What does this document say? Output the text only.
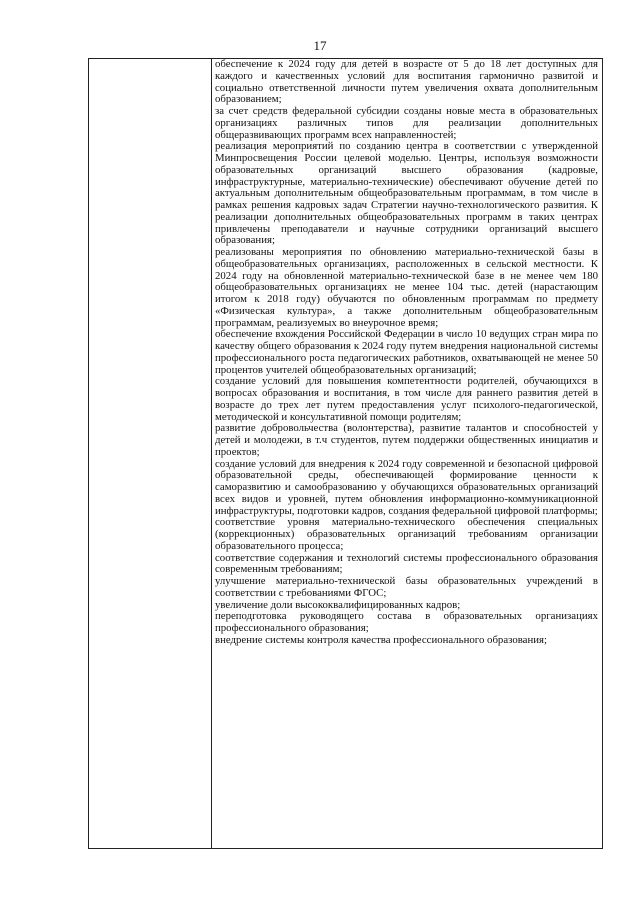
17

обеспечение к 2024 году для детей в возрасте от 5 до 18 лет доступных для каждого и качественных условий для воспитания гармонично развитой и социально ответственной личности путем увеличения охвата дополнительным образованием;

за счет средств федеральной субсидии созданы новые места в образовательных организациях различных типов для реализации дополнительных общеразвивающих программ всех направленностей;

реализация мероприятий по созданию центра в соответствии с утвержденной Минпросвещения России целевой моделью. Центры, используя возможности образовательных организаций высшего образования (кадровые, инфраструктурные, материально-технические) обеспечивают обучение детей по актуальным дополнительным общеобразовательным программам, в том числе в рамках решения кадровых задач Стратегии научно-технологического развития. К реализации дополнительных общеобразовательных программ в таких центрах привлечены преподаватели и научные сотрудники организаций высшего образования;

реализованы мероприятия по обновлению материально-технической базы в общеобразовательных организациях, расположенных в сельской местности. К 2024 году на обновленной материально-технической базе в не менее чем 180 общеобразовательных организациях не менее 104 тыс. детей (нарастающим итогом к 2018 году) обучаются по обновленным программам по предмету «Физическая культура», а также дополнительным общеобразовательным программам, реализуемых во внеурочное время;

обеспечение вхождения Российской Федерации в число 10 ведущих стран мира по качеству общего образования к 2024 году путем внедрения национальной системы профессионального роста педагогических работников, охватывающей не менее 50 процентов учителей общеобразовательных организаций;

создание условий для повышения компетентности родителей, обучающихся в вопросах образования и воспитания, в том числе для раннего развития детей в возрасте до трех лет путем предоставления услуг психолого-педагогической, методической и консультативной помощи родителям;

развитие добровольчества (волонтерства), развитие талантов и способностей у детей и молодежи, в т.ч студентов, путем поддержки общественных инициатив и проектов;

создание условий для внедрения к 2024 году современной и безопасной цифровой образовательной среды, обеспечивающей формирование ценности к саморазвитию и самообразованию у обучающихся образовательных организаций всех видов и уровней, путем обновления информационно-коммуникационной инфраструктуры, подготовки кадров, создания федеральной цифровой платформы;

соответствие уровня материально-технического обеспечения специальных (коррекционных) образовательных организаций требованиям организации образовательного процесса;

соответствие содержания и технологий системы профессионального образования современным требованиям;

улучшение материально-технической базы образовательных учреждений в соответствии с требованиями ФГОС;

увеличение доли высококвалифицированных кадров;

переподготовка руководящего состава в образовательных организациях профессионального образования;

внедрение системы контроля качества профессионального образования;
